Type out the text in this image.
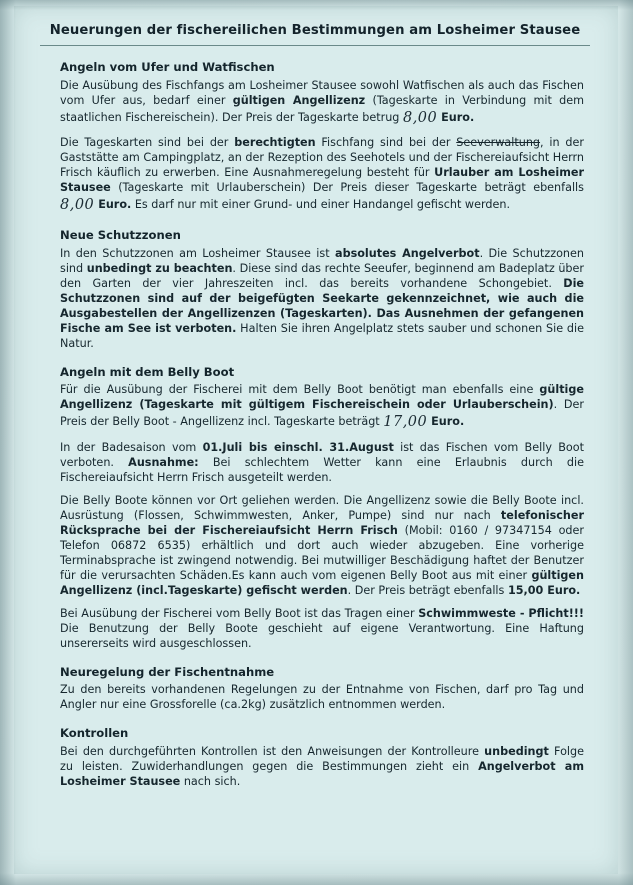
Neuerungen der fischereilichen Bestimmungen am Losheimer Stausee
Angeln vom Ufer und Watfischen

Die Ausübung des Fischfangs am Losheimer Stausee sowohl Watfischen als auch das Fischen vom Ufer aus, bedarf einer gültigen Angellizenz (Tageskarte in Verbindung mit dem staatlichen Fischereischein). Der Preis der Tageskarte betrug 8,00 Euro.

Die Tageskarten sind bei der berechtigten Fischfang sind bei der Seeverwaltung, in der Gaststätte am Campingplatz, an der Rezeption des Seehotels und der Fischereiaufsicht Herrn Frisch käuflich zu erwerben. Eine Ausnahmeregelung besteht für Urlauber am Losheimer Stausee (Tageskarte mit Urlauberschein) Der Preis dieser Tageskarte beträgt ebenfalls 8,00 Euro. Es darf nur mit einer Grund- und einer Handangel gefischt werden.

Neue Schutzzonen

In den Schutzzonen am Losheimer Stausee ist absolutes Angelverbot. Die Schutzzonen sind unbedingt zu beachten. Diese sind das rechte Seeufer, beginnend am Badeplatz über den Garten der vier Jahreszeiten incl. das bereits vorhandene Schongebiet. Die Schutzzonen sind auf der beigefügten Seekarte gekennzeichnet, wie auch die Ausgabestellen der Angellizenzen (Tageskarten). Das Ausnehmen der gefangenen Fische am See ist verboten. Halten Sie ihren Angelplatz stets sauber und schonen Sie die Natur.

Angeln mit dem Belly Boot

Für die Ausübung der Fischerei mit dem Belly Boot benötigt man ebenfalls eine gültige Angellizenz (Tageskarte mit gültigem Fischereischein oder Urlauberschein). Der Preis der Belly Boot - Angellizenz incl. Tageskarte beträgt 17,00 Euro.

In der Badesaison vom 01.Juli bis einschl. 31.August ist das Fischen vom Belly Boot verboten. Ausnahme: Bei schlechtem Wetter kann eine Erlaubnis durch die Fischereiaufsicht Herrn Frisch ausgeteilt werden.

Die Belly Boote können vor Ort geliehen werden. Die Angellizenz sowie die Belly Boote incl. Ausrüstung (Flossen, Schwimmwesten, Anker, Pumpe) sind nur nach telefonischer Rücksprache bei der Fischereiaufsicht Herrn Frisch (Mobil: 0160 / 97347154 oder Telefon 06872 6535) erhältlich und dort auch wieder abzugeben. Eine vorherige Terminabsprache ist zwingend notwendig. Bei mutwilliger Beschädigung haftet der Benutzer für die verursachten Schäden.Es kann auch vom eigenen Belly Boot aus mit einer gültigen Angellizenz (incl.Tageskarte) gefischt werden. Der Preis beträgt ebenfalls 15,00 Euro.

Bei Ausübung der Fischerei vom Belly Boot ist das Tragen einer Schwimmweste - Pflicht!!! Die Benutzung der Belly Boote geschieht auf eigene Verantwortung. Eine Haftung unsererseits wird ausgeschlossen.

Neuregelung der Fischentnahme

Zu den bereits vorhandenen Regelungen zu der Entnahme von Fischen, darf pro Tag und Angler nur eine Grossforelle (ca.2kg) zusätzlich entnommen werden.

Kontrollen

Bei den durchgeführten Kontrollen ist den Anweisungen der Kontrolleure unbedingt Folge zu leisten. Zuwiderhandlungen gegen die Bestimmungen zieht ein Angelverbot am Losheimer Stausee nach sich.
